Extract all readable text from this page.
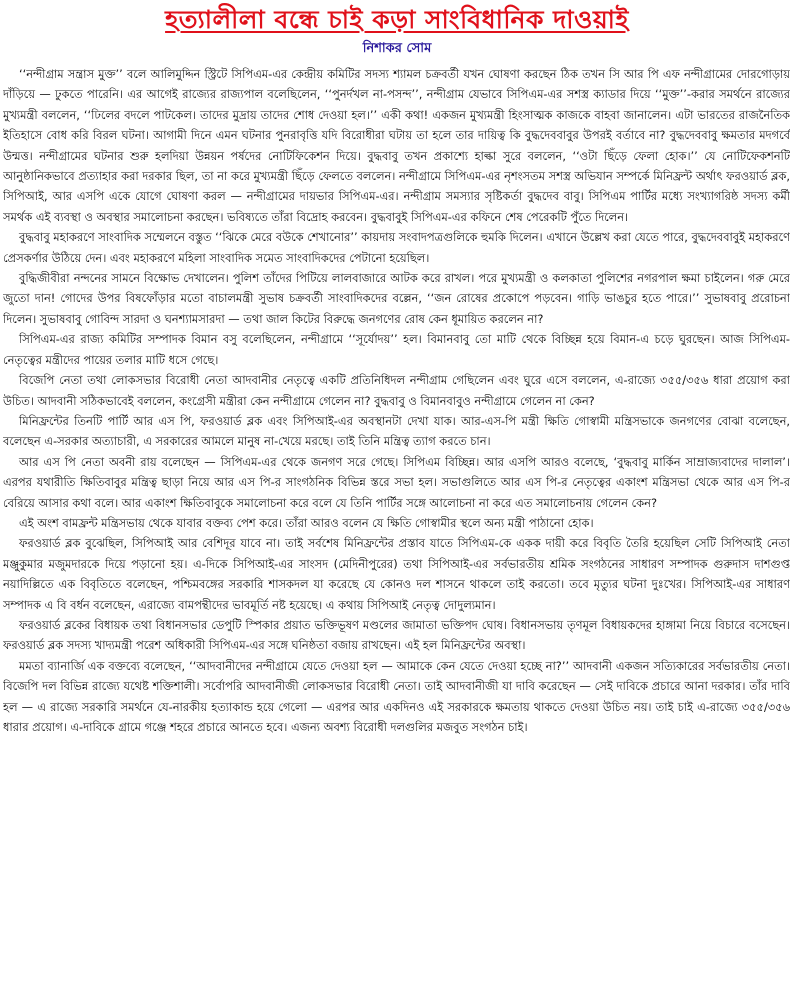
হত্যালীলা বন্ধে চাই কড়া সাংবিধানিক দাওয়াই
নিশাকর সোম

‘‘নন্দীগ্রাম সন্ত্রাস মুক্ত’’ বলে আলিমুদ্দিন স্ট্রিটে সিপিএম-এর কেন্দ্রীয় কমিটির সদস্য শ্যামল চক্রবর্তী যখন ঘোষণা করছেন ঠিক তখন সি আর পি এফ নন্দীগ্রামের দোরগোড়ায় দাঁড়িয়ে — ঢুকতে পারেনি। এর আগেই রাজ্যের রাজ্যপাল বলেছিলেন, ‘‘পুনর্দখল না-পসন্দ’’, নন্দীগ্রাম যেভাবে সিপিএম-এর সশস্ত্র ক্যাডার দিয়ে ‘‘মুক্ত’’-করার সমর্থনে রাজ্যের মুখ্যমন্ত্রী বললেন, ‘‘ঢিলের বদলে পাটকেল। তাদের মুদ্রায় তাদের শোধ দেওয়া হল।’’ একী কথা! একজন মুখ্যমন্ত্রী হিংসাত্মক কাজকে বাহবা জানালেন। এটা ভারতের রাজনৈতিক ইতিহাসে বোধ করি বিরল ঘটনা। আগামী দিনে এমন ঘটনার পুনরাবৃত্তি যদি বিরোধীরা ঘটায় তা হলে তার দায়িত্ব কি বুদ্ধদেববাবুর উপরই বর্তাবে না? বুদ্ধদেববাবু ক্ষমতার মদগর্বে উন্মত্ত। নন্দীগ্রামের ঘটনার শুরু হলদিয়া উন্নয়ন পর্ষদের নোটিফিকেশন দিয়ে। বুদ্ধবাবু তখন প্রকাশ্যে হাল্কা সুরে বললেন, ‘‘ওটা ছিঁড়ে ফেলা হোক।’’ যে নোটিফেকশনটি আনুষ্ঠানিকভাবে প্রত্যাহার করা দরকার ছিল, তা না করে মুখ্যমন্ত্রী ছিঁড়ে ফেলতে বললেন। নন্দীগ্রামে সিপিএম-এর নৃশংসতম সশস্ত্র অভিযান সম্পর্কে মিনিফ্রন্ট অর্থাৎ ফরওয়ার্ড ব্লক, সিপিআই, আর এসপি একে যোগে ঘোষণা করল — নন্দীগ্রামের দায়ভার সিপিএম-এর। নন্দীগ্রাম সমস্যার সৃষ্টিকর্তা বুদ্ধদেব বাবু। সিপিএম পার্টির মধ্যে সংখ্যাগরিষ্ঠ সদস্য কর্মী সমর্থক এই ব্যবস্থা ও অবস্থার সমালোচনা করছেন। ভবিষ্যতে তাঁরা বিদ্রোহ করবেন। বুদ্ধবাবুই সিপিএম-এর কফিনে শেষ পেরেকটি পুঁতে দিলেন।

বুদ্ধবাবু মহাকরণে সাংবাদিক সম্মেলনে বস্তুত ‘‘ঝিকে মেরে বউকে শেখানোর’’ কায়দায় সংবাদপত্রগুলিকে হুমকি দিলেন। এখানে উল্লেখ করা যেতে পারে, বুদ্ধদেববাবুই মহাকরণে প্রেসকর্ণার উঠিয়ে দেন। এবং মহাকরণে মহিলা সাংবাদিক সমেত সাংবাদিকদের পেটানো হয়েছিল।

বুদ্ধিজীবীরা নন্দনের সামনে বিক্ষোভ দেখালেন। পুলিশ তাঁদের পিটিয়ে লালবাজারে আটক করে রাখল। পরে মুখ্যমন্ত্রী ও কলকাতা পুলিশের নগরপাল ক্ষমা চাইলেন। গরু মেরে জুতো দান! গোদের উপর বিষফোঁড়ার মতো বাচালমন্ত্রী সুভাষ চক্রবর্তী সাংবাদিকদের বল্লেন, ‘‘জন রোষের প্রকোপে পড়বেন। গাড়ি ভাঙচুর হতে পারে।’’ সুভাষবাবু প্ররোচনা দিলেন। সুভাষবাবু গোবিন্দ সারদা ও ঘনশ্যামসারদা — তথা জাল কিটের বিরুদ্ধে জনগণের রোষ কেন ধূমায়িত করলেন না?

সিপিএম-এর রাজ্য কমিটির সম্পাদক বিমান বসু বলেছিলেন, নন্দীগ্রামে ‘‘সূর্যোদয়’’ হল। বিমানবাবু তো মাটি থেকে বিচ্ছিন্ন হয়ে বিমান-এ চড়ে ঘুরছেন। আজ সিপিএম- নেতৃত্বের মন্ত্রীদের পায়ের তলার মাটি ধসে গেছে।

বিজেপি নেতা তথা লোকসভার বিরোধী নেতা আদবানীর নেতৃত্বে একটি প্রতিনিধিদল নন্দীগ্রাম গেছিলেন এবং ঘুরে এসে বললেন, এ-রাজ্যে ৩৫৫/৩৫৬ ধারা প্রয়োগ করা উচিত। আদবানী সঠিকভাবেই বললেন, কংগ্রেসী মন্ত্রীরা কেন নন্দীগ্রামে গেলেন না? বুদ্ধবাবু ও বিমানবাবুও নন্দীগ্রামে গেলেন না কেন?

মিনিফ্রন্টের তিনটি পার্টি আর এস পি, ফরওয়ার্ড ব্লক এবং সিপিআই-এর অবস্থানটা দেখা যাক। আর-এস-পি মন্ত্রী ক্ষিতি গোস্বামী মন্ত্রিসভাকে জনগণের বোঝা বলেছেন, বলেছেন এ-সরকার অত্যাচারী, এ সরকারের আমলে মানুষ না-খেয়ে মরছে। তাই তিনি মন্ত্রিত্ব ত্যাগ করতে চান।

আর এস পি নেতা অবনী রায় বলেছেন — সিপিএম-এর থেকে জনগণ সরে গেছে। সিপিএম বিচ্ছিন্ন। আর এসপি আরও বলেছে, ‘বুদ্ধবাবু মার্কিন সাম্রাজ্যবাদের দালাল’। এরপর যথারীতি ক্ষিতিবাবুর মন্ত্রিত্ব ছাড়া নিয়ে আর এস পি-র সাংগঠনিক বিভিন্ন স্তরে সভা হল। সভাগুলিতে আর এস পি-র নেতৃত্বের একাংশ মন্ত্রিসভা থেকে আর এস পি-র বেরিয়ে আসার কথা বলে। আর একাংশ ক্ষিতিবাবুকে সমালোচনা করে বলে যে তিনি পার্টির সঙ্গে আলোচনা না করে এত সমালোচনায় গেলেন কেন?

এই অংশ বামফ্রন্ট মন্ত্রিসভায় থেকে যাবার বক্তব্য পেশ করে। তাঁরা আরও বলেন যে ক্ষিতি গোস্বামীর স্থলে অন্য মন্ত্রী পাঠানো হোক।

ফরওয়ার্ড ব্লক বুঝেছিল, সিপিআই আর বেশিদূর যাবে না। তাই সর্বশেষ মিনিফ্রন্টের প্রস্তাব যাতে সিপিএম-কে একক দায়ী করে বিবৃতি তৈরি হয়েছিল সেটি সিপিআই নেতা মঞ্জুকুমার মজুমদারকে দিয়ে পড়ানো হয়। এ-দিকে সিপিআই-এর সাংসদ (মেদিনীপুরের) তথা সিপিআই-এর সর্বভারতীয় শ্রমিক সংগঠনের সাধারণ সম্পাদক গুরুদাস দাশগুপ্ত নয়াদিল্লিতে এক বিবৃতিতে বলেছেন, পশ্চিমবঙ্গের সরকারি শাসকদল যা করেছে যে কোনও দল শাসনে থাকলে তাই করতো। তবে মৃত্যুর ঘটনা দুঃখের। সিপিআই-এর সাধারণ সম্পাদক এ বি বর্ধন বলেছেন, এরাজ্যে বামপন্থীদের ভাবমূর্তি নষ্ট হয়েছে। এ কথায় সিপিআই নেতৃত্ব দোদুল্যমান।

ফরওয়ার্ড ব্লকের বিধায়ক তথা বিধানসভার ডেপুটি স্পিকার প্রয়াত ভক্তিভূষণ মণ্ডলের জামাতা ভক্তিপদ ঘোষ। বিধানসভায় তৃণমূল বিধায়কদের হাঙ্গামা নিয়ে বিচারে বসেছেন। ফরওয়ার্ড ব্লক সদস্য খাদ্যমন্ত্রী পরেশ অধিকারী সিপিএম-এর সঙ্গে ঘনিষ্ঠতা বজায় রাখছেন। এই হল মিনিফ্রন্টের অবস্থা।

মমতা ব্যানার্জি এক বক্তব্যে বলেছেন, ‘‘আদবানীদের নন্দীগ্রামে যেতে দেওয়া হল — আমাকে কেন যেতে দেওয়া হচ্ছে না?’’ আদবানী একজন সত্যিকারের সর্বভারতীয় নেতা। বিজেপি দল বিভিন্ন রাজ্যে যথেষ্ট শক্তিশালী। সর্বোপরি আদবানীজী লোকসভার বিরোধী নেতা। তাই আদবানীজী যা দাবি করেছেন — সেই দাবিকে প্রচারে আনা দরকার। তাঁর দাবি হল — এ রাজ্যে সরকারি সমর্থনে যে-নারকীয় হত্যাকান্ড হয়ে গেলো — এরপর আর একদিনও এই সরকারকে ক্ষমতায় থাকতে দেওয়া উচিত নয়। তাই চাই এ-রাজ্যে ৩৫৫/৩৫৬ ধারার প্রয়োগ। এ-দাবিকে গ্রামে গঞ্জে শহরে প্রচারে আনতে হবে। এজন্য অবশ্য বিরোধী দলগুলির মজবুত সংগঠন চাই।
